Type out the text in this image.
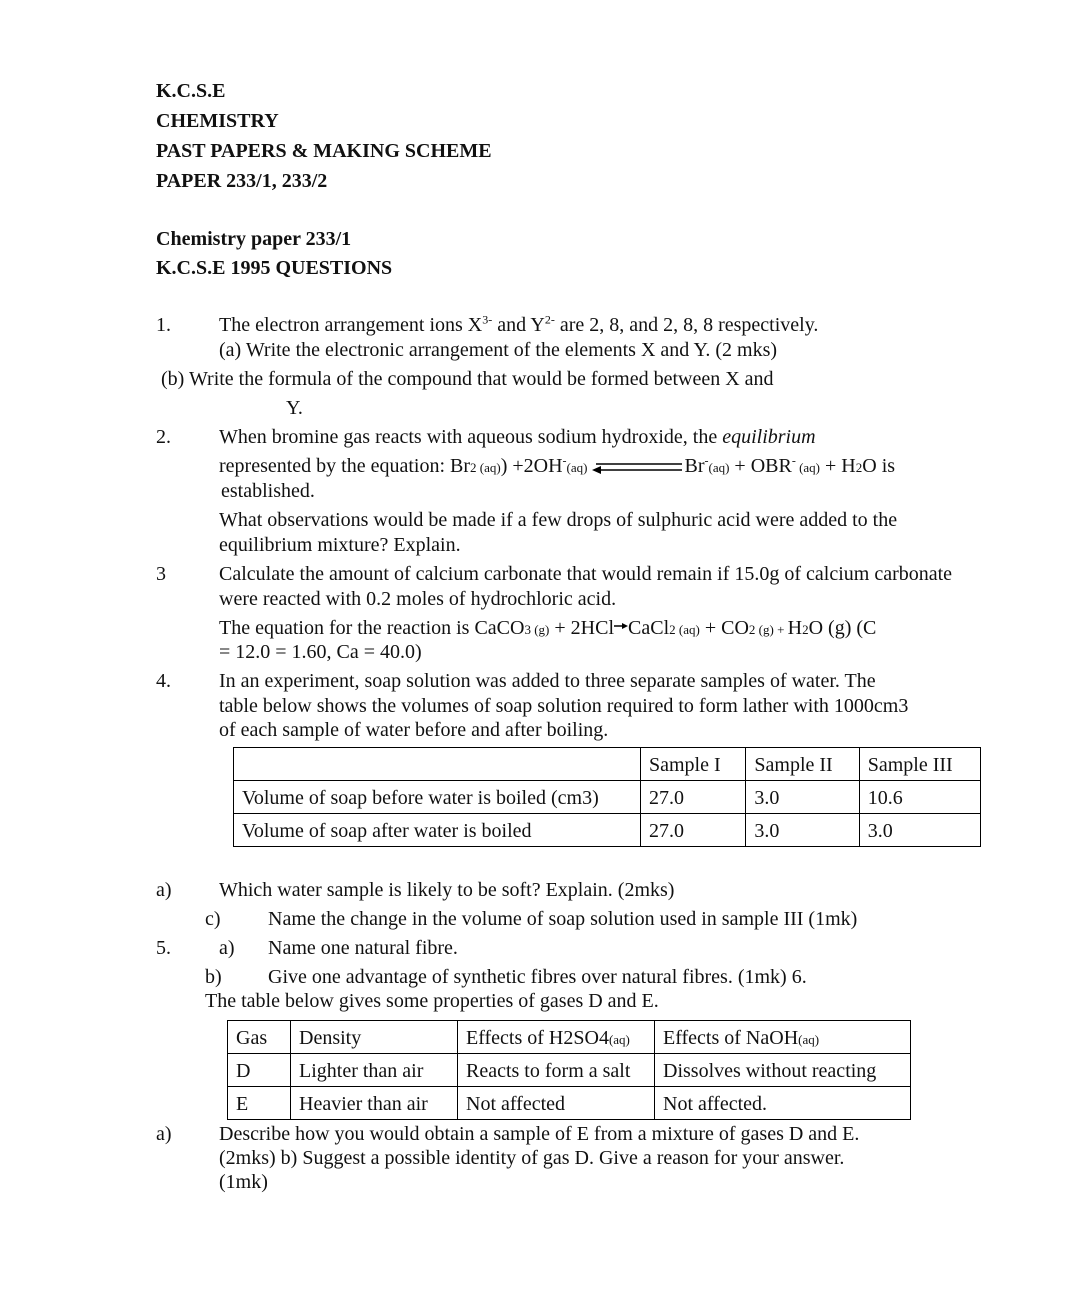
K.C.S.E
CHEMISTRY
PAST PAPERS & MAKING SCHEME
PAPER 233/1, 233/2
Chemistry paper 233/1
K.C.S.E 1995 QUESTIONS
1. The electron arrangement ions $X^{3-}$ and $Y^{2-}$ are 2, 8, and 2, 8, 8 respectively.
(a) Write the electronic arrangement of the elements X and Y. (2 mks)
(b) Write the formula of the compound that would be formed between X and
Y.
2. When bromine gas reacts with aqueous sodium hydroxide, the equilibrium
represented by the equation: Br2 (aq)) +2OH-(aq)	Br-(aq) + OBR- (aq) + H2O is
established.
What observations would be made if a few drops of sulphuric acid were added to the
equilibrium mixture? Explain.
3	Calculate the amount of calcium carbonate that would remain if 15.0g of calcium carbonate
were reacted with 0.2 moles of hydrochloric acid.
The equation for the reaction is CaCO3 (g) + 2HCl→CaCl2 (aq) + CO2 (g) + H2O (g) (C
= 12.0 = 1.60, Ca = 40.0)
4. In an experiment, soap solution was added to three separate samples of water. The
table below shows the volumes of soap solution required to form lather with 1000cm3
of each sample of water before and after boiling.
	Sample I	Sample II	Sample III
Volume of soap before water is boiled (cm3)	27.0	3.0	10.6
Volume of soap after water is boiled	27.0	3.0	3.0
a) Which water sample is likely to be soft? Explain. (2mks)
c) Name the change in the volume of soap solution used in sample III (1mk)
5. a) Name one natural fibre.
b) Give one advantage of synthetic fibres over natural fibres. (1mk) 6.
The table below gives some properties of gases D and E.
Gas	Density	Effects of H2SO4(aq)	Effects of NaOH(aq)
D	Lighter than air	Reacts to form a salt	Dissolves without reacting
E	Heavier than air	Not affected	Not affected.
a) Describe how you would obtain a sample of E from a mixture of gases D and E.
(2mks) b) Suggest a possible identity of gas D. Give a reason for your answer.
(1mk)
